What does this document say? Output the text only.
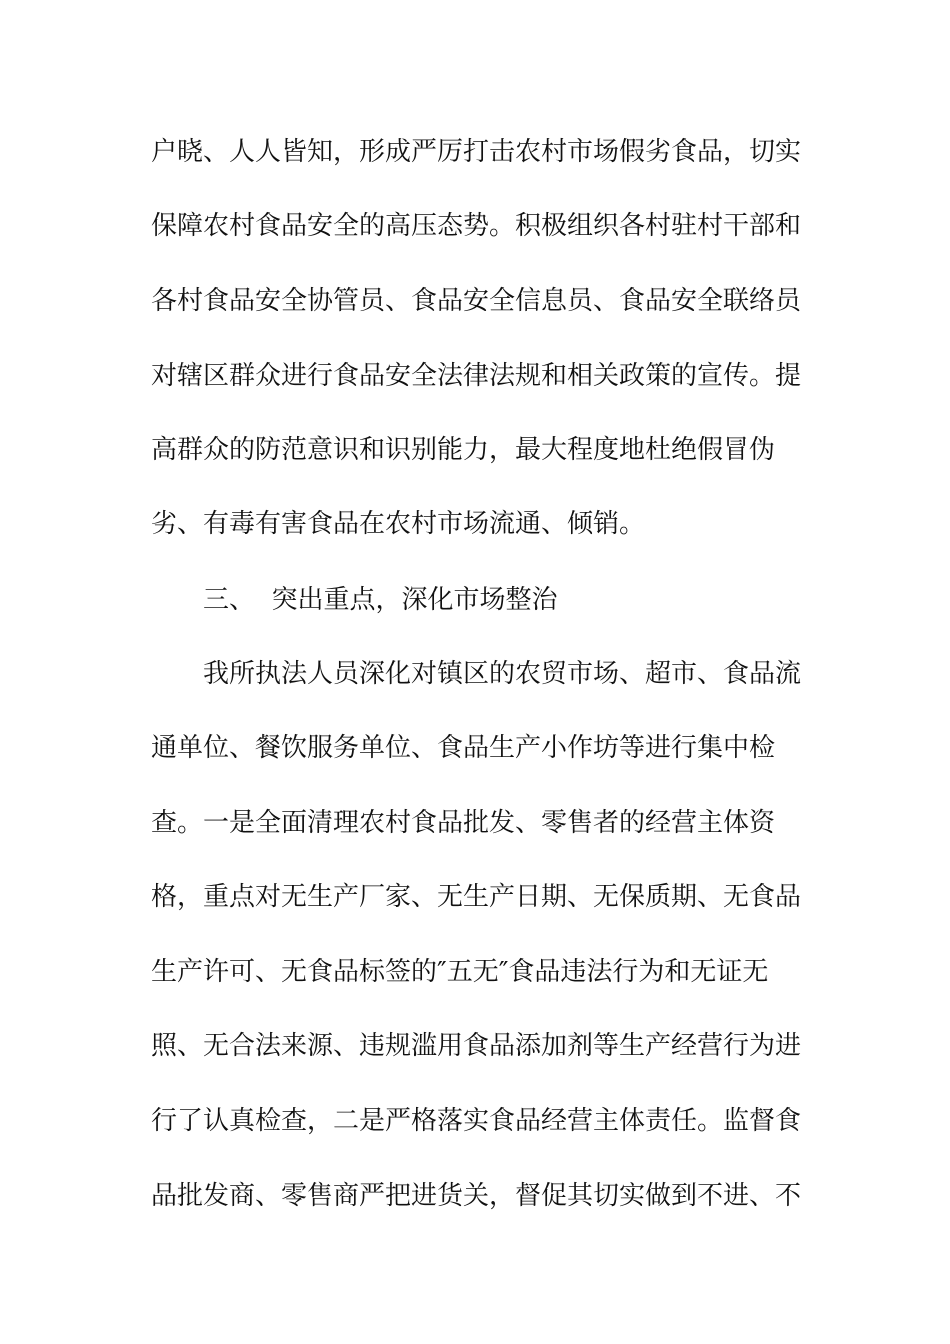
户晓、人人皆知，形成严厉打击农村市场假劣食品，切实
保障农村食品安全的高压态势。积极组织各村驻村干部和
各村食品安全协管员、食品安全信息员、食品安全联络员
对辖区群众进行食品安全法律法规和相关政策的宣传。提
高群众的防范意识和识别能力，最大程度地杜绝假冒伪
劣、有毒有害食品在农村市场流通、倾销。
三、  突出重点，深化市场整治
我所执法人员深化对镇区的农贸市场、超市、食品流
通单位、餐饮服务单位、食品生产小作坊等进行集中检
查。一是全面清理农村食品批发、零售者的经营主体资
格，重点对无生产厂家、无生产日期、无保质期、无食品
生产许可、无食品标签的″五无″食品违法行为和无证无
照、无合法来源、违规滥用食品添加剂等生产经营行为进
行了认真检查，二是严格落实食品经营主体责任。监督食
品批发商、零售商严把进货关，督促其切实做到不进、不
